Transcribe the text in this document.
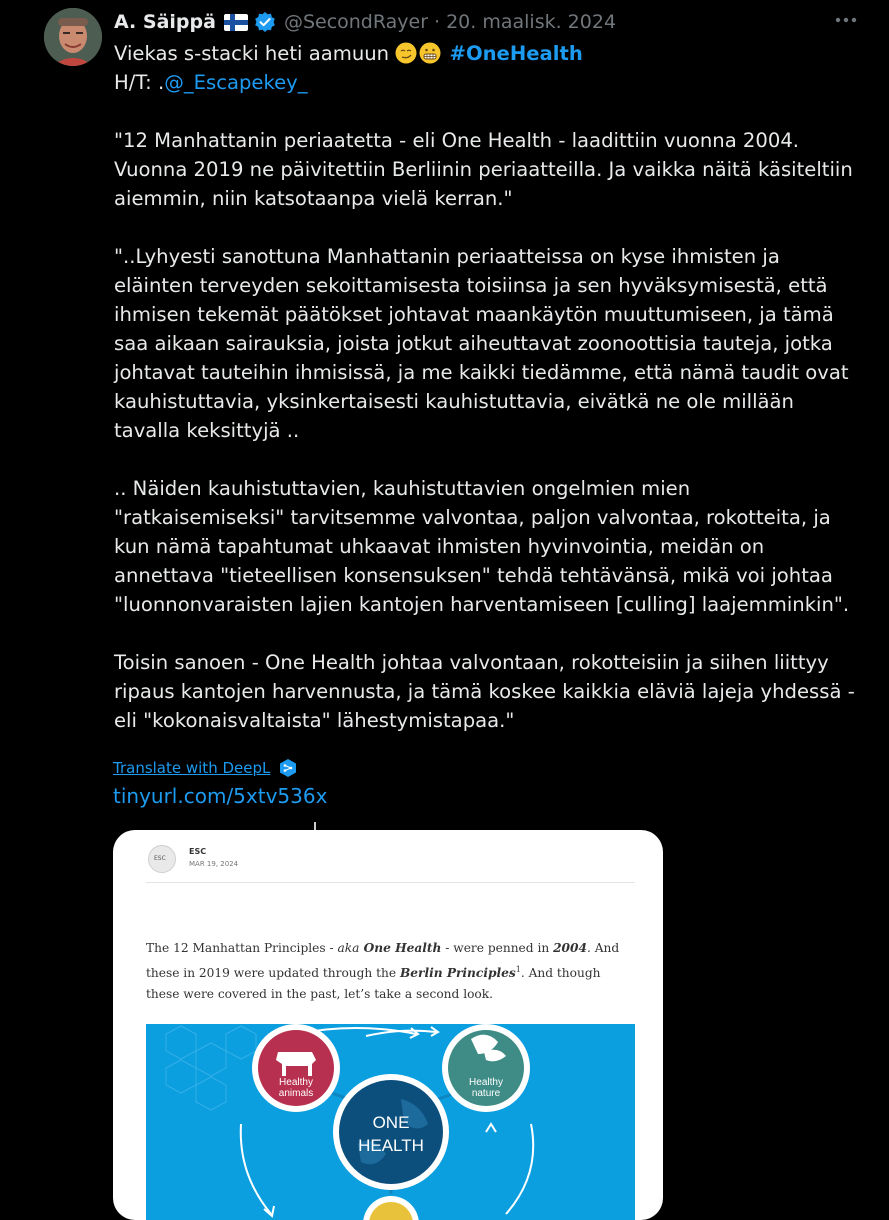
A. Säippä	@SecondRayer · 20. maalisk. 2024

Viekas s-stacki heti aamuun	#OneHealth

H/T: .@_Escapekey_

"12 Manhattanin periaatetta - eli One Health - laadittiin vuonna 2004. Vuonna 2019 ne päivitettiin Berliinin periaatteilla. Ja vaikka näitä käsiteltiin aiemmin, niin katsotaanpa vielä kerran."

"..Lyhyesti sanottuna Manhattanin periaatteissa on kyse ihmisten ja eläinten terveyden sekoittamisesta toisiinsa ja sen hyväksymisestä, että ihmisen tekemät päätökset johtavat maankäytön muuttumiseen, ja tämä saa aikaan sairauksia, joista jotkut aiheuttavat zoonoottisia tauteja, jotka johtavat tauteihin ihmisissä, ja me kaikki tiedämme, että nämä taudit ovat kauhistuttavia, yksinkertaisesti kauhistuttavia, eivätkä ne ole millään tavalla keksittyjä ..

.. Näiden kauhistuttavien, kauhistuttavien ongelmien mien "ratkaisemiseksi" tarvitsemme valvontaa, paljon valvontaa, rokotteita, ja kun nämä tapahtumat uhkaavat ihmisten hyvinvointia, meidän on annettava "tieteellisen konsensuksen" tehdä tehtävänsä, mikä voi johtaa "luonnonvaraisten lajien kantojen harventamiseen [culling] laajemminkin".

Toisin sanoen - One Health johtaa valvontaan, rokotteisiin ja siihen liittyy ripaus kantojen harvennusta, ja tämä koskee kaikkia eläviä lajeja yhdessä - eli "kokonaisvaltaista" lähestymistapaa."

Translate with DeepL
tinyurl.com/5xtv536x
ESC
ESC
MAR 19, 2024
The 12 Manhattan Principles - aka One Health - were penned in 2004. And these in 2019 were updated through the Berlin Principles$^1$. And though these were covered in the past, let’s take a second look.
Healthy
animals
Healthy
nature
ONE
HEALTH
